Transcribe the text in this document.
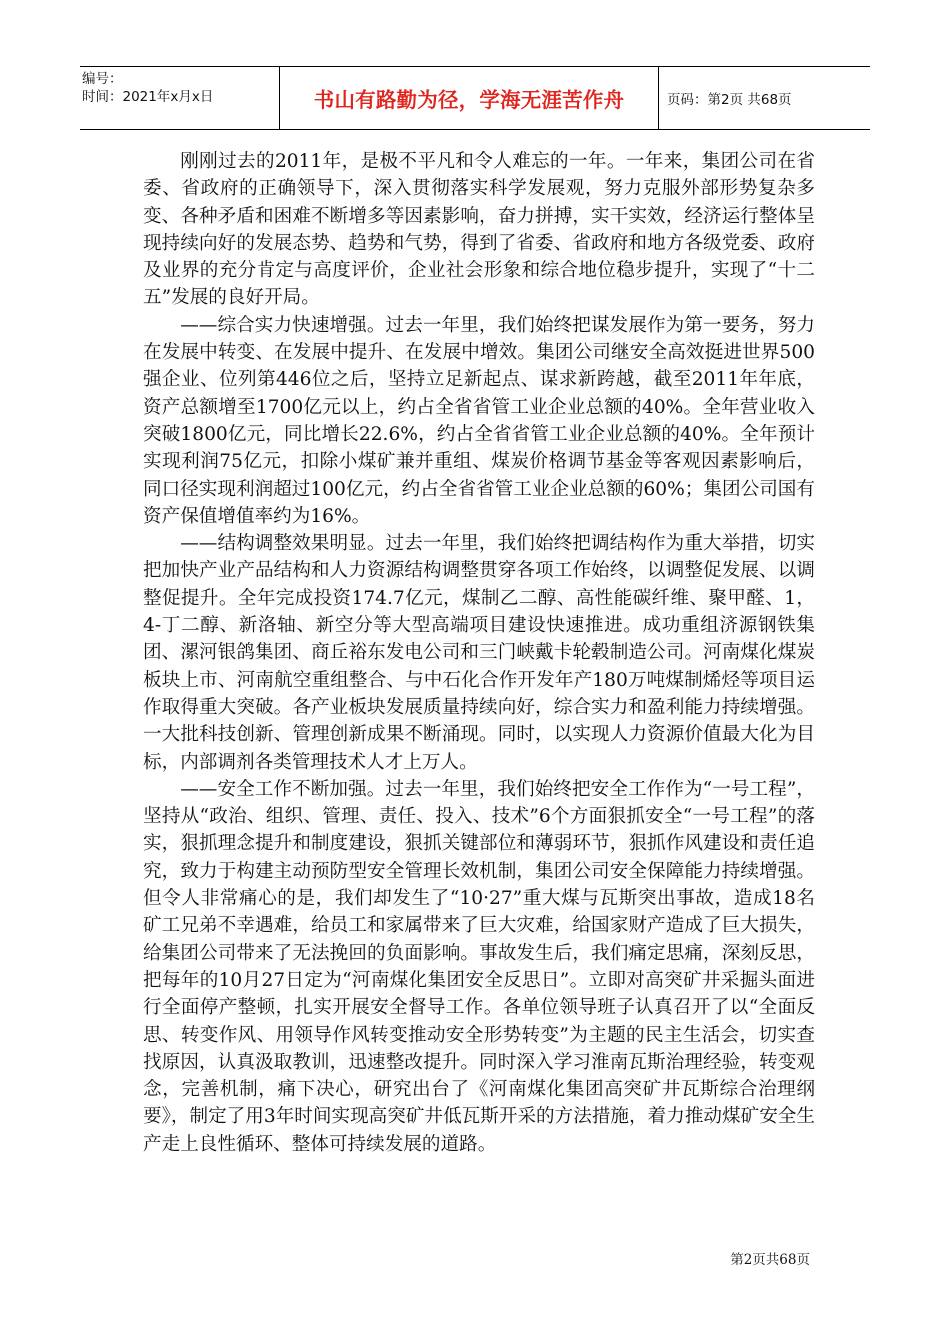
编号：
时间：2021年x月x日	书山有路勤为径，学海无涯苦作舟	页码：第2页 共68页

刚刚过去的2011年，是极不平凡和令人难忘的一年。一年来，集团公司在省委、省政府的正确领导下，深入贯彻落实科学发展观，努力克服外部形势复杂多变、各种矛盾和困难不断增多等因素影响，奋力拼搏，实干实效，经济运行整体呈现持续向好的发展态势、趋势和气势，得到了省委、省政府和地方各级党委、政府及业界的充分肯定与高度评价，企业社会形象和综合地位稳步提升，实现了“十二五”发展的良好开局。

——综合实力快速增强。过去一年里，我们始终把谋发展作为第一要务，努力在发展中转变、在发展中提升、在发展中增效。集团公司继安全高效挺进世界500强企业、位列第446位之后，坚持立足新起点、谋求新跨越，截至2011年年底，资产总额增至1700亿元以上，约占全省省管工业企业总额的40%。全年营业收入突破1800亿元，同比增长22.6%，约占全省省管工业企业总额的40%。全年预计实现利润75亿元，扣除小煤矿兼并重组、煤炭价格调节基金等客观因素影响后，同口径实现利润超过100亿元，约占全省省管工业企业总额的60%；集团公司国有资产保值增值率约为16%。

——结构调整效果明显。过去一年里，我们始终把调结构作为重大举措，切实把加快产业产品结构和人力资源结构调整贯穿各项工作始终，以调整促发展、以调整促提升。全年完成投资174.7亿元，煤制乙二醇、高性能碳纤维、聚甲醛、1，4-丁二醇、新洛轴、新空分等大型高端项目建设快速推进。成功重组济源钢铁集团、漯河银鸽集团、商丘裕东发电公司和三门峡戴卡轮毂制造公司。河南煤化煤炭板块上市、河南航空重组整合、与中石化合作开发年产180万吨煤制烯烃等项目运作取得重大突破。各产业板块发展质量持续向好，综合实力和盈利能力持续增强。一大批科技创新、管理创新成果不断涌现。同时，以实现人力资源价值最大化为目标，内部调剂各类管理技术人才上万人。

——安全工作不断加强。过去一年里，我们始终把安全工作作为“一号工程”，坚持从“政治、组织、管理、责任、投入、技术”6个方面狠抓安全“一号工程”的落实，狠抓理念提升和制度建设，狠抓关键部位和薄弱环节，狠抓作风建设和责任追究，致力于构建主动预防型安全管理长效机制，集团公司安全保障能力持续增强。但令人非常痛心的是，我们却发生了“10·27”重大煤与瓦斯突出事故，造成18名矿工兄弟不幸遇难，给员工和家属带来了巨大灾难，给国家财产造成了巨大损失，给集团公司带来了无法挽回的负面影响。事故发生后，我们痛定思痛，深刻反思，把每年的10月27日定为“河南煤化集团安全反思日”。立即对高突矿井采掘头面进行全面停产整顿，扎实开展安全督导工作。各单位领导班子认真召开了以“全面反思、转变作风、用领导作风转变推动安全形势转变”为主题的民主生活会，切实查找原因，认真汲取教训，迅速整改提升。同时深入学习淮南瓦斯治理经验，转变观念，完善机制，痛下决心，研究出台了《河南煤化集团高突矿井瓦斯综合治理纲要》，制定了用3年时间实现高突矿井低瓦斯开采的方法措施，着力推动煤矿安全生产走上良性循环、整体可持续发展的道路。

第2页共68页
